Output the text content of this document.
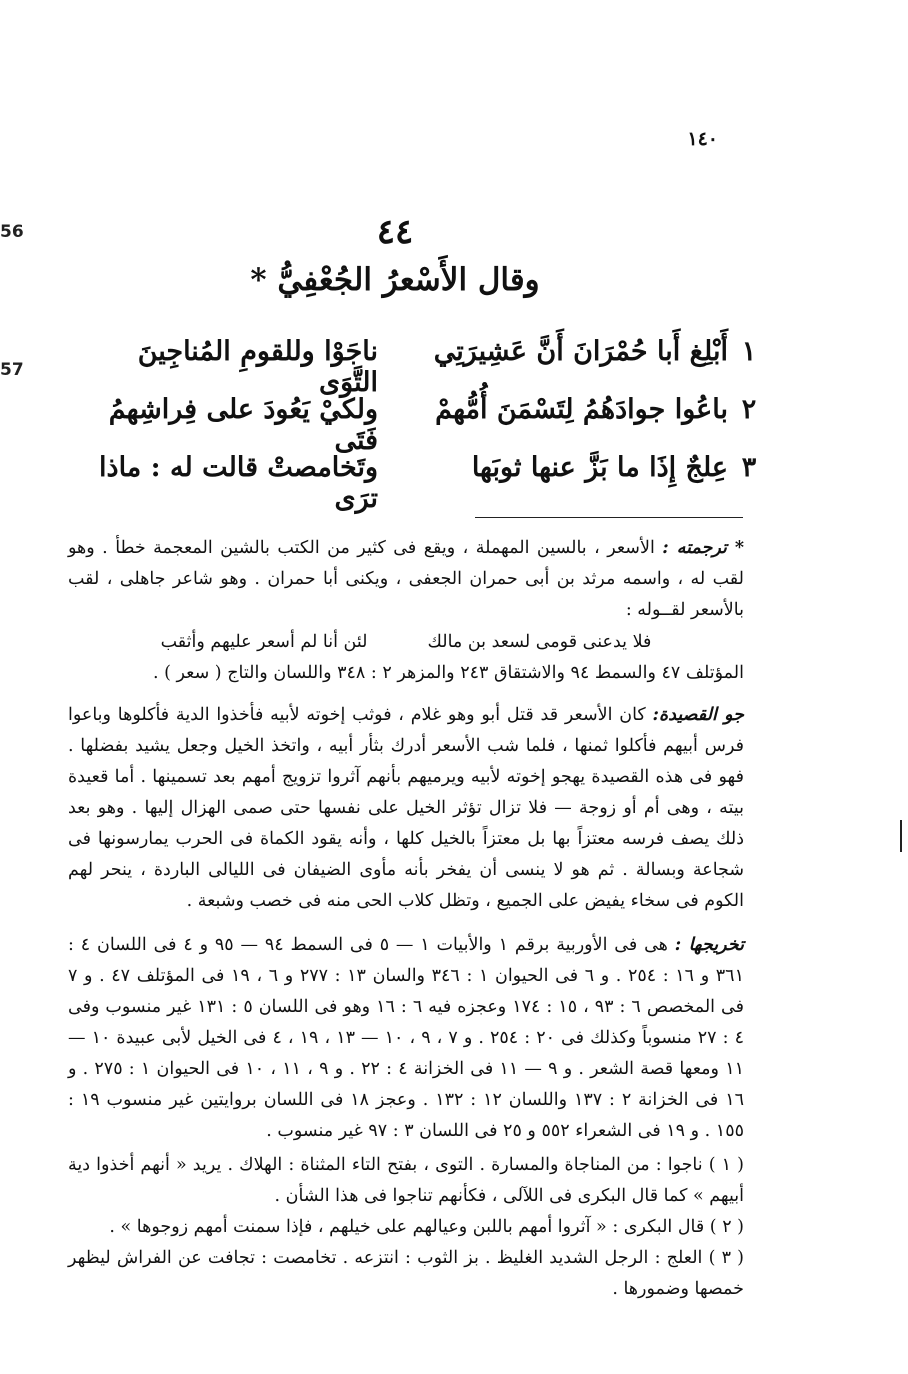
56
57
١٤٠
٤٤
وقال الأَسْعرُ الجُعْفِيُّ *
١
أَبْلِغ أَبا حُمْرَانَ أَنَّ عَشِيرَتِي
ناجَوْا وللقومِ المُناجِينَ التَّوَى
٢
باعُوا جوادَهُمُ لِتَسْمَنَ أُمُّهمْ
ولكيْ يَعُودَ على فِراشِهمُ فَتَى
٣
عِلجٌ إِذَا ما بَزَّ عنها ثوبَها
وتَخامصتْ قالت له : ماذا ترَى

* ترجمته : الأسعر ، بالسين المهملة ، ويقع فى كثير من الكتب بالشين المعجمة خطأ . وهو لقب له ، واسمه مرثد بن أبى حمران الجعفى ، ويكنى أبا حمران . وهو شاعر جاهلى ، لقب بالأسعر لقــوله :

فلا يدعنى قومى لسعد بن مالك
لئن أنا لم أسعر عليهم وأثقب

المؤتلف ٤٧ والسمط ٩٤ والاشتقاق ٢٤٣ والمزهر ٢ : ٣٤٨ واللسان والتاج ( سعر ) .

جو القصيدة: كان الأسعر قد قتل أبو وهو غلام ، فوثب إخوته لأبيه فأخذوا الدية فأكلوها وباعوا فرس أبيهم فأكلوا ثمنها ، فلما شب الأسعر أدرك بثأر أبيه ، واتخذ الخيل وجعل يشيد بفضلها . فهو فى هذه القصيدة يهجو إخوته لأبيه ويرميهم بأنهم آثروا تزويج أمهم بعد تسمينها . أما قعيدة بيته ، وهى أم أو زوجة — فلا تزال تؤثر الخيل على نفسها حتى صمى الهزال إليها . وهو بعد ذلك يصف فرسه معتزاً بها بل معتزاً بالخيل كلها ، وأنه يقود الكماة فى الحرب يمارسونها فى شجاعة وبسالة . ثم هو لا ينسى أن يفخر بأنه مأوى الضيفان فى الليالى الباردة ، ينحر لهم الكوم فى سخاء يفيض على الجميع ، وتظل كلاب الحى منه فى خصب وشبعة .

تخريجها : هى فى الأوربية برقم ١ والأبيات ١ — ٥ فى السمط ٩٤ — ٩٥ و ٤ فى اللسان ٤ : ٣٦١ و ١٦ : ٢٥٤ . و ٦ فى الحيوان ١ : ٣٤٦ والسان ١٣ : ٢٧٧ و ٦ ، ١٩ فى المؤتلف ٤٧ . و ٧ فى المخصص ٦ : ٩٣ ، ١٥ : ١٧٤ وعجزه فيه ٦ : ١٦ وهو فى اللسان ٥ : ١٣١ غير منسوب وفى ٤ : ٢٧ منسوباً وكذلك فى ٢٠ : ٢٥٤ . و ٧ ، ٩ ، ١٠ — ١٣ ، ١٩ ، ٤ فى الخيل لأبى عبيدة ١٠ — ١١ ومعها قصة الشعر . و ٩ — ١١ فى الخزانة ٤ : ٢٢ . و ٩ ، ١١ ، ١٠ فى الحيوان ١ : ٢٧٥ . و ١٦ فى الخزانة ٢ : ١٣٧ واللسان ١٢ : ١٣٢ . وعجز ١٨ فى اللسان بروايتين غير منسوب ١٩ : ١٥٥ . و ١٩ فى الشعراء ٥٥٢ و ٢٥ فى اللسان ٣ : ٩٧ غير منسوب .

( ١ ) ناجوا : من المناجاة والمسارة . التوى ، بفتح التاء المثناة : الهلاك . يريد « أنهم أخذوا دية أبيهم » كما قال البكرى فى اللآلى ، فكأنهم تناجوا فى هذا الشأن .

( ٢ ) قال البكرى : « آثروا أمهم باللبن وعيالهم على خيلهم ، فإذا سمنت أمهم زوجوها » .

( ٣ ) العلج : الرجل الشديد الغليظ . بز الثوب : انتزعه . تخامصت : تجافت عن الفراش ليظهر خمصها وضمورها .
